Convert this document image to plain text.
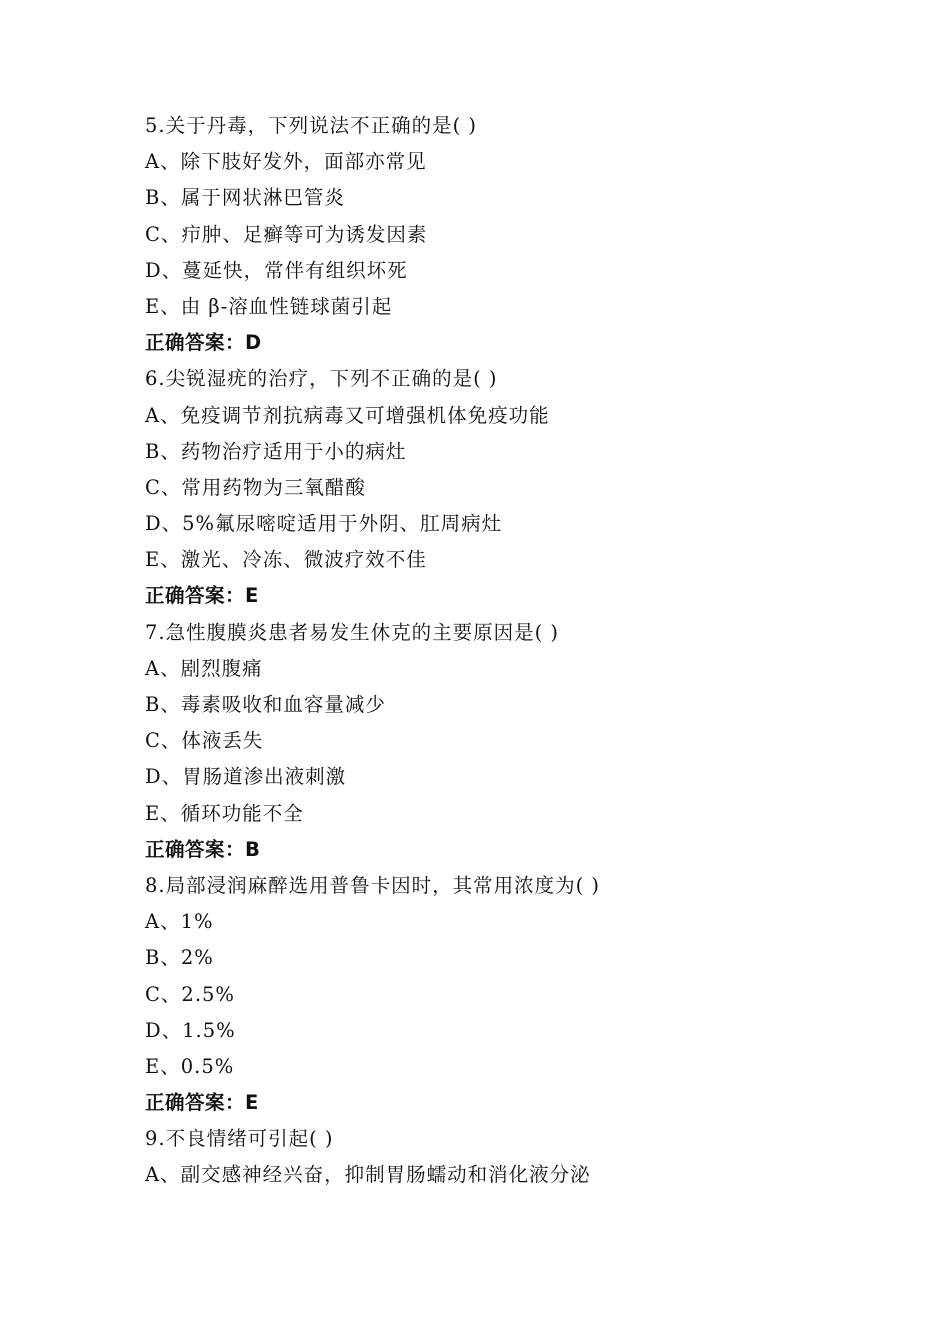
5.关于丹毒，下列说法不正确的是( )
A、除下肢好发外，面部亦常见
B、属于网状淋巴管炎
C、疖肿、足癣等可为诱发因素
D、蔓延快，常伴有组织坏死
E、由 β-溶血性链球菌引起
正确答案：D
6.尖锐湿疣的治疗，下列不正确的是( )
A、免疫调节剂抗病毒又可增强机体免疫功能
B、药物治疗适用于小的病灶
C、常用药物为三氧醋酸
D、5%氟尿嘧啶适用于外阴、肛周病灶
E、激光、冷冻、微波疗效不佳
正确答案：E
7.急性腹膜炎患者易发生休克的主要原因是( )
A、剧烈腹痛
B、毒素吸收和血容量减少
C、体液丢失
D、胃肠道渗出液刺激
E、循环功能不全
正确答案：B
8.局部浸润麻醉选用普鲁卡因时，其常用浓度为( )
A、1%
B、2%
C、2.5%
D、1.5%
E、0.5%
正确答案：E
9.不良情绪可引起( )
A、副交感神经兴奋，抑制胃肠蠕动和消化液分泌
